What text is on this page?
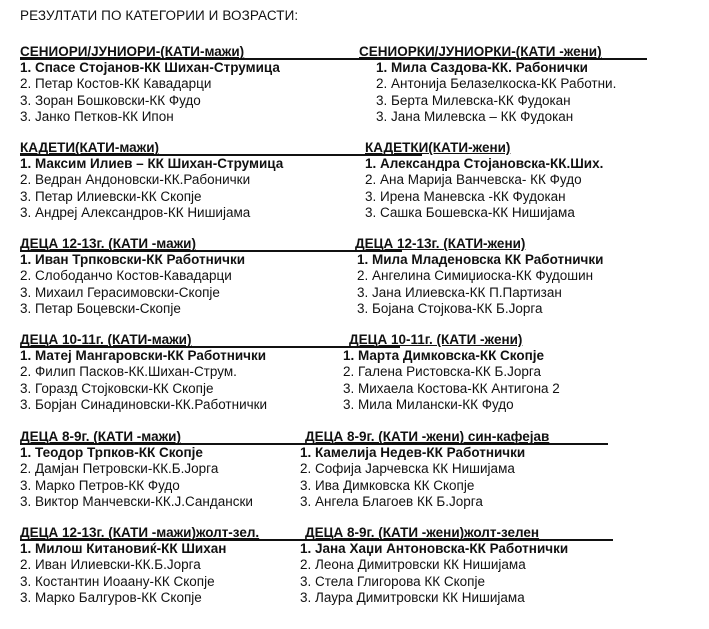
РЕЗУЛТАТИ ПО КАТЕГОРИИ И ВОЗРАСТИ:
СЕНИОРИ/ЈУНИОРИ-(КАТИ-мажи)
1. Спасе Стојанов-КК Шихан-Струмица
2. Петар Костов-КК Кавадарци
3. Зоран Бошковски-КК Фудо
3. Јанко Петков-КК Ипон
СЕНИОРКИ/ЈУНИОРКИ-(КАТИ -жени)
1. Мила Саздова-КК. Рабонички
2. Антонија Белазелкоска-КК Работни.
3. Берта Милевска-КК Фудокан
3. Јана Милевска – КК Фудокан
КАДЕТИ(КАТИ-мажи)
1. Максим Илиев – КК Шихан-Струмица
2. Ведран Андоновски-КК.Рабонички
3. Петар Илиевски-КК Скопје
3. Андреј Александров-КК Нишијама
КАДЕТКИ(КАТИ-жени)
1. Александра Стојановска-КК.Ших.
2. Ана Марија Ванчевска- КК Фудо
3. Ирена Маневска -КК Фудокан
3. Сашка Бошевска-КК Нишијама
ДЕЦА 12-13г. (КАТИ -мажи)
1. Иван Трпковски-КК Работнички
2. Слободанчо Костов-Кавадарци
3. Михаил Герасимовски-Скопје
3. Петар Боцевски-Скопје
ДЕЦА 12-13г. (КАТИ-жени)
1. Мила Младеновска КК Работнички
2. Ангелина Симиџиоска-КК Фудошин
3. Јана Илиевска-КК П.Партизан
3. Бојана Стојкова-КК Б.Јорга
ДЕЦА 10-11г. (КАТИ-мажи)
1. Матеј Мангаровски-КК Работнички
2. Филип Пасков-КК.Шихан-Струм.
3. Горазд Стојковски-КК Скопје
3. Борјан Синадиновски-КК.Работнички
ДЕЦА 10-11г. (КАТИ -жени)
1. Марта Димковска-КК Скопје
2. Галена Ристовска-КК Б.Јорга
3. Михаела Костова-КК Антигона 2
3. Мила Милански-КК Фудо
ДЕЦА 8-9г. (КАТИ -мажи)
1. Теодор Трпков-КК Скопје
2. Дамјан Петровски-КК.Б.Јорга
3. Марко Петров-КК Фудо
3. Виктор Манчевски-КК.Ј.Сандански
ДЕЦА 8-9г. (КАТИ -жени) син-кафејав
1. Камелија Недев-КК Работнички
2. Софија Јарчевска КК Нишијама
3. Ива Димковска КК Скопје
3. Ангела Благоев КК Б.Јорга
ДЕЦА 12-13г. (КАТИ -мажи)жолт-зел.
1. Милош Китановиќ-КК Шихан
2. Иван Илиевски-КК.Б.Јорга
3. Костантин Иоаану-КК Скопје
3. Марко Балгуров-КК Скопје
ДЕЦА 8-9г. (КАТИ -жени)жолт-зелен
1. Јана Хаџи Антоновска-КК Работнички
2. Леона Димитровски КК Нишијама
3. Стела Глигорова КК Скопје
3. Лаура Димитровски КК Нишијама
